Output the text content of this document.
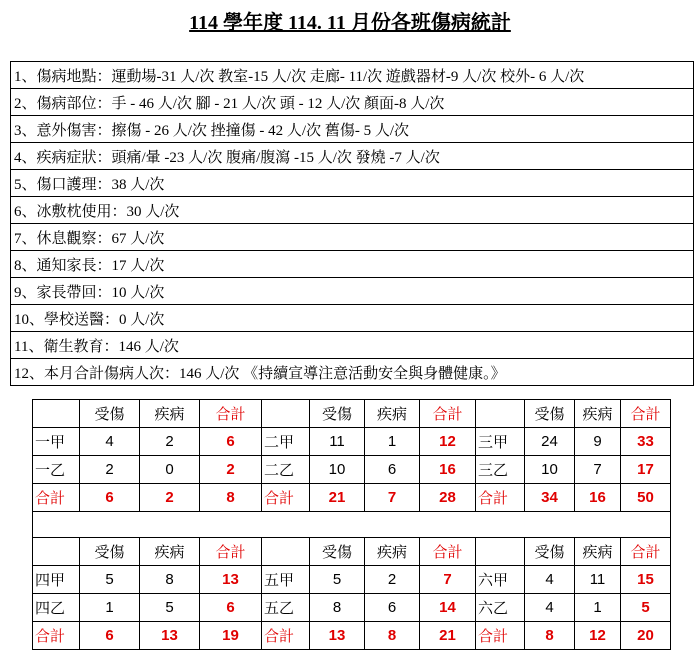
114 學年度 114. 11 月份各班傷病統計
1、傷病地點：運動場-31 人/次 教室-15 人/次 走廊- 11/次 遊戲器材-9 人/次 校外- 6 人/次
2、傷病部位：手 - 46 人/次 腳 - 21 人/次 頭 - 12 人/次 顏面-8 人/次
3、意外傷害：擦傷 - 26 人/次 挫撞傷 - 42 人/次 舊傷- 5 人/次
4、疾病症狀：頭痛/暈 -23 人/次 腹痛/腹瀉 -15 人/次 發燒 -7 人/次
5、傷口護理：38 人/次
6、冰敷枕使用：30 人/次
7、休息觀察：67 人/次
8、通知家長：17 人/次
9、家長帶回：10 人/次
10、學校送醫：0 人/次
11、衛生教育：146 人/次
12、本月合計傷病人次：146 人/次 《持續宣導注意活動安全與身體健康。》
	受傷	疾病	合計		受傷	疾病	合計		受傷	疾病	合計
一甲	4	2	6	二甲	11	1	12	三甲	24	9	33
一乙	2	0	2	二乙	10	6	16	三乙	10	7	17
合計	6	2	8	合計	21	7	28	合計	34	16	50

	受傷	疾病	合計		受傷	疾病	合計		受傷	疾病	合計
四甲	5	8	13	五甲	5	2	7	六甲	4	11	15
四乙	1	5	6	五乙	8	6	14	六乙	4	1	5
合計	6	13	19	合計	13	8	21	合計	8	12	20
